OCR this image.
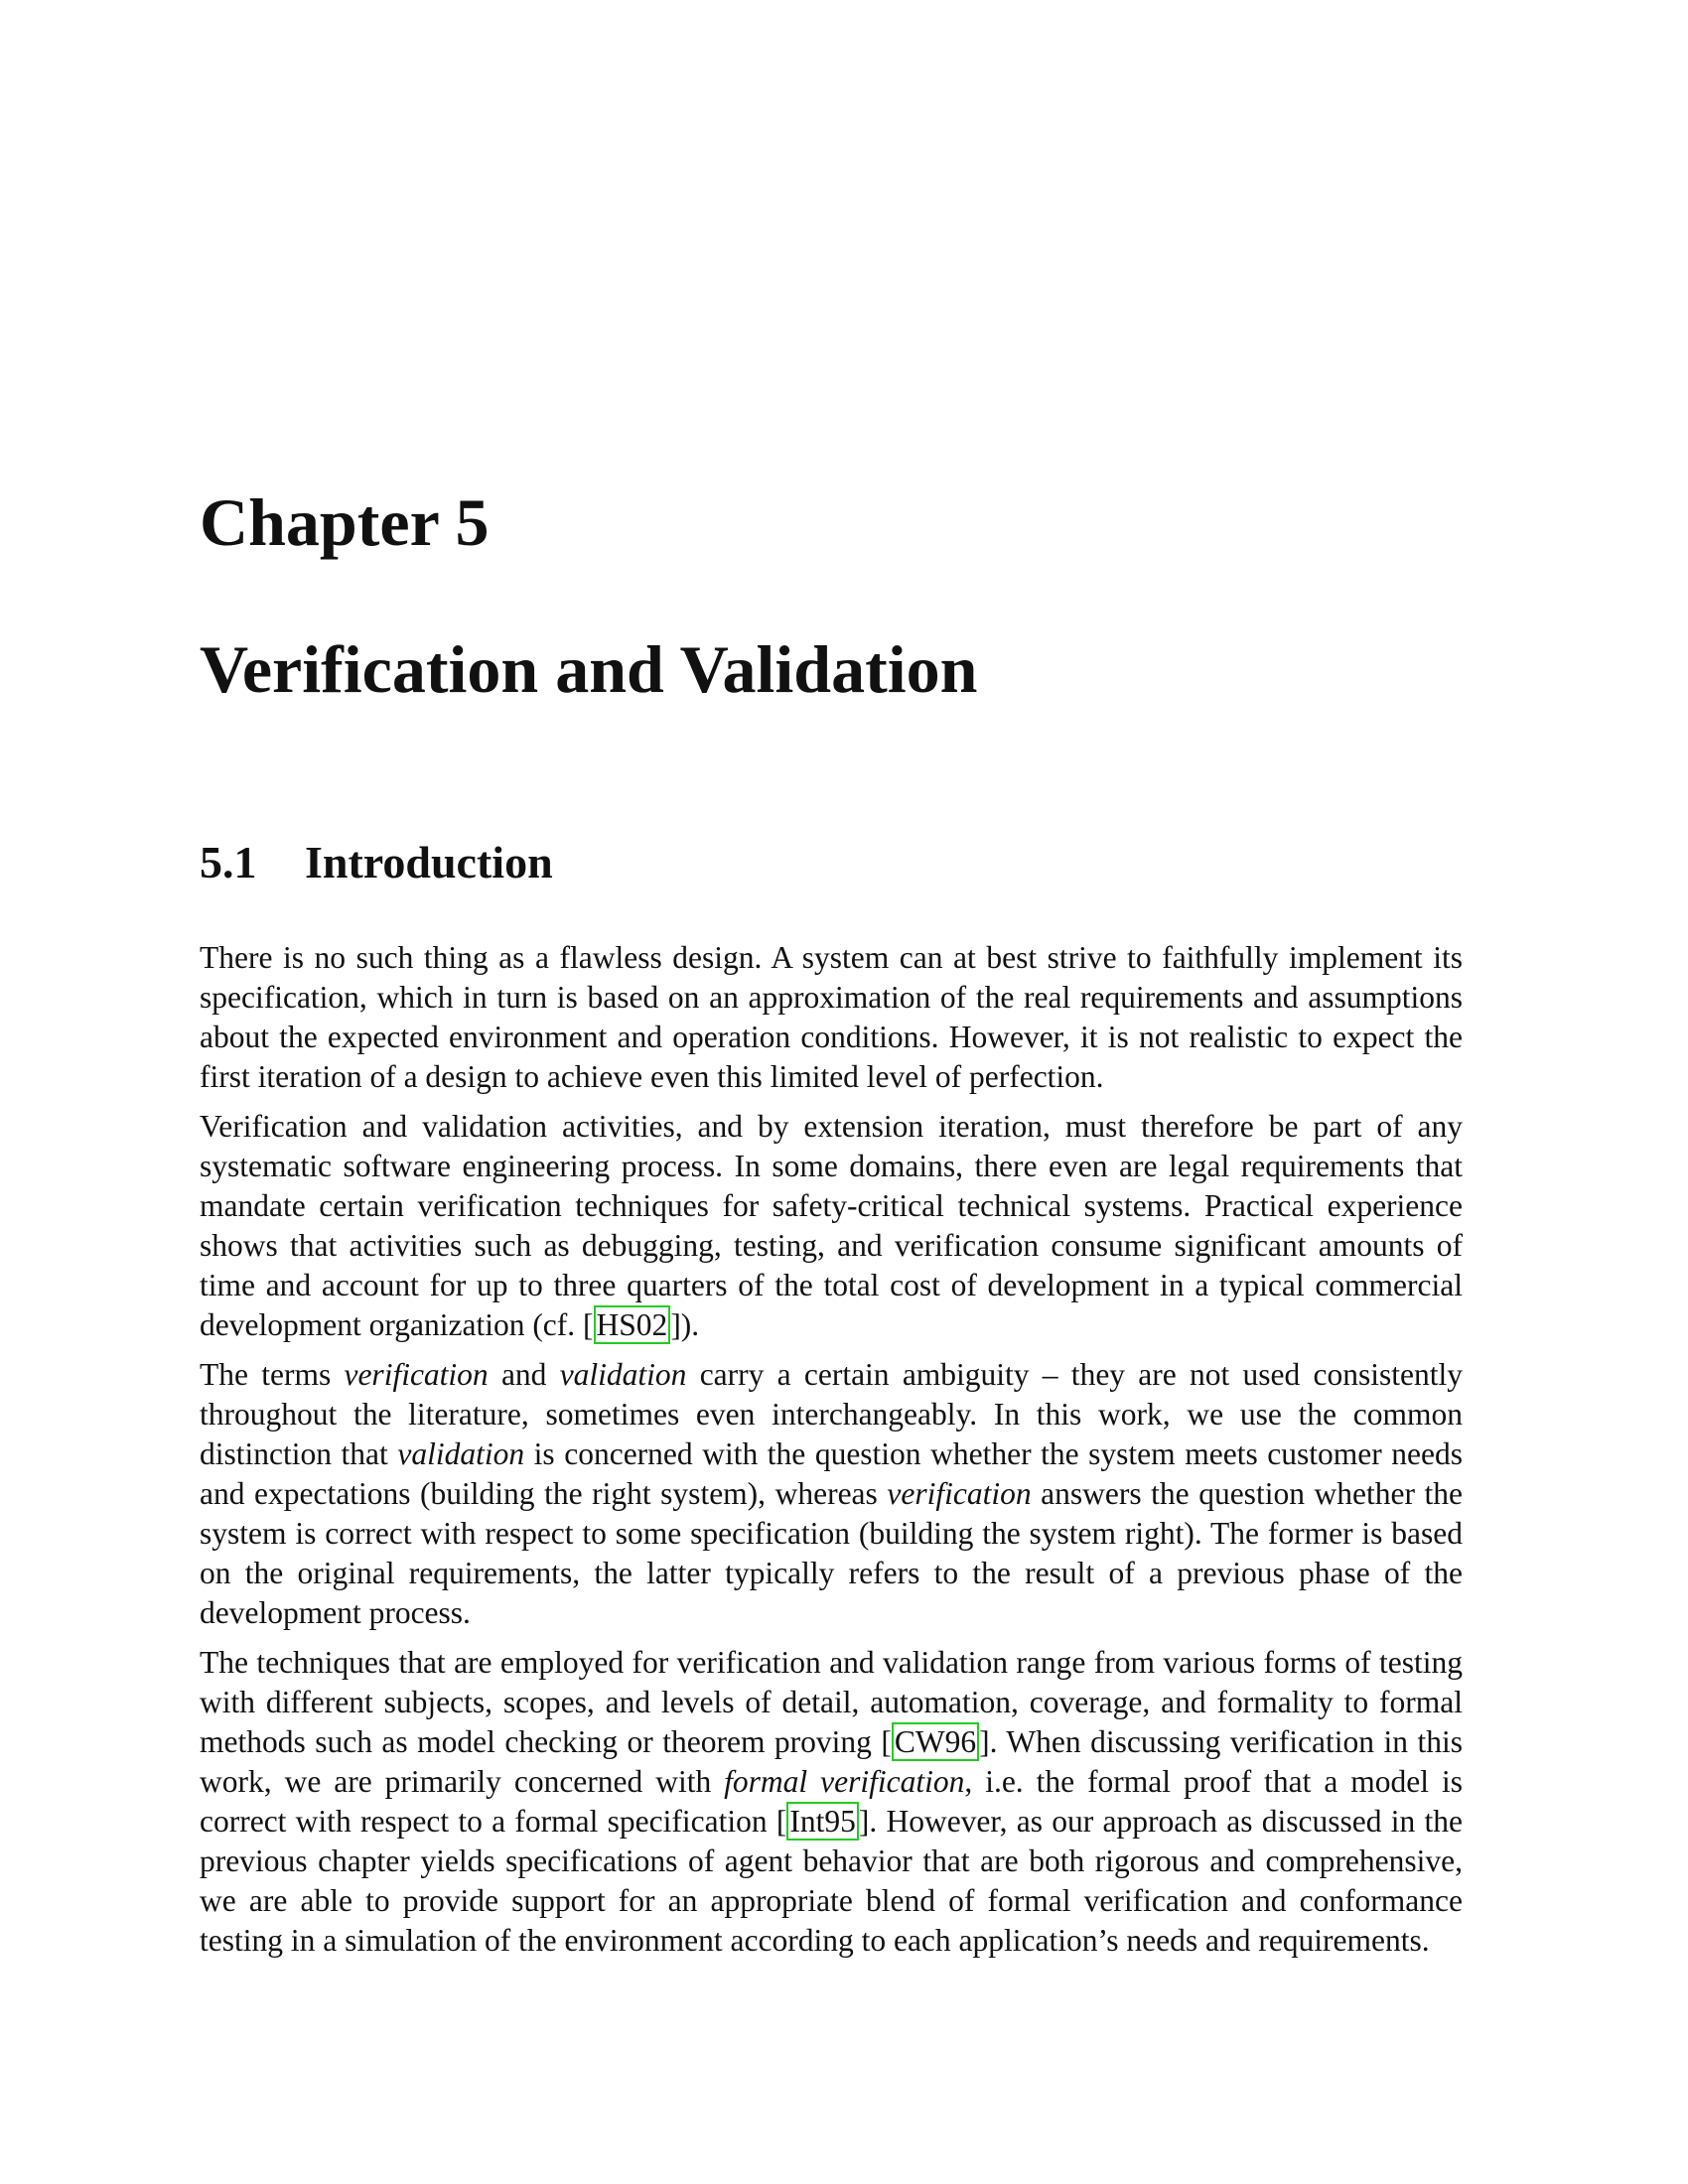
Chapter 5
Verification and Validation
5.1	Introduction

There is no such thing as a flawless design. A system can at best strive to faithfully implement its specification, which in turn is based on an approximation of the real requirements and assumptions about the expected environment and operation conditions. However, it is not realistic to expect the first iteration of a design to achieve even this limited level of perfection.

Verification and validation activities, and by extension iteration, must therefore be part of any systematic software engineering process. In some domains, there even are legal requirements that mandate certain verification techniques for safety-critical technical systems. Practical experience shows that activities such as debugging, testing, and verification consume significant amounts of time and account for up to three quarters of the total cost of development in a typical commercial development organization (cf. [HS02]).

The terms verification and validation carry a certain ambiguity – they are not used consistently throughout the literature, sometimes even interchangeably. In this work, we use the common distinction that validation is concerned with the question whether the system meets customer needs and expectations (building the right system), whereas verification answers the question whether the system is correct with respect to some specification (building the system right). The former is based on the original requirements, the latter typically refers to the result of a previous phase of the development process.

The techniques that are employed for verification and validation range from various forms of testing with different subjects, scopes, and levels of detail, automation, coverage, and formality to formal methods such as model checking or theorem proving [CW96]. When discussing verification in this work, we are primarily concerned with formal verification, i.e. the formal proof that a model is correct with respect to a formal specification [Int95]. However, as our approach as discussed in the previous chapter yields specifications of agent behavior that are both rigorous and comprehensive, we are able to provide support for an appropriate blend of formal verification and conformance testing in a simulation of the environment according to each application’s needs and requirements.
